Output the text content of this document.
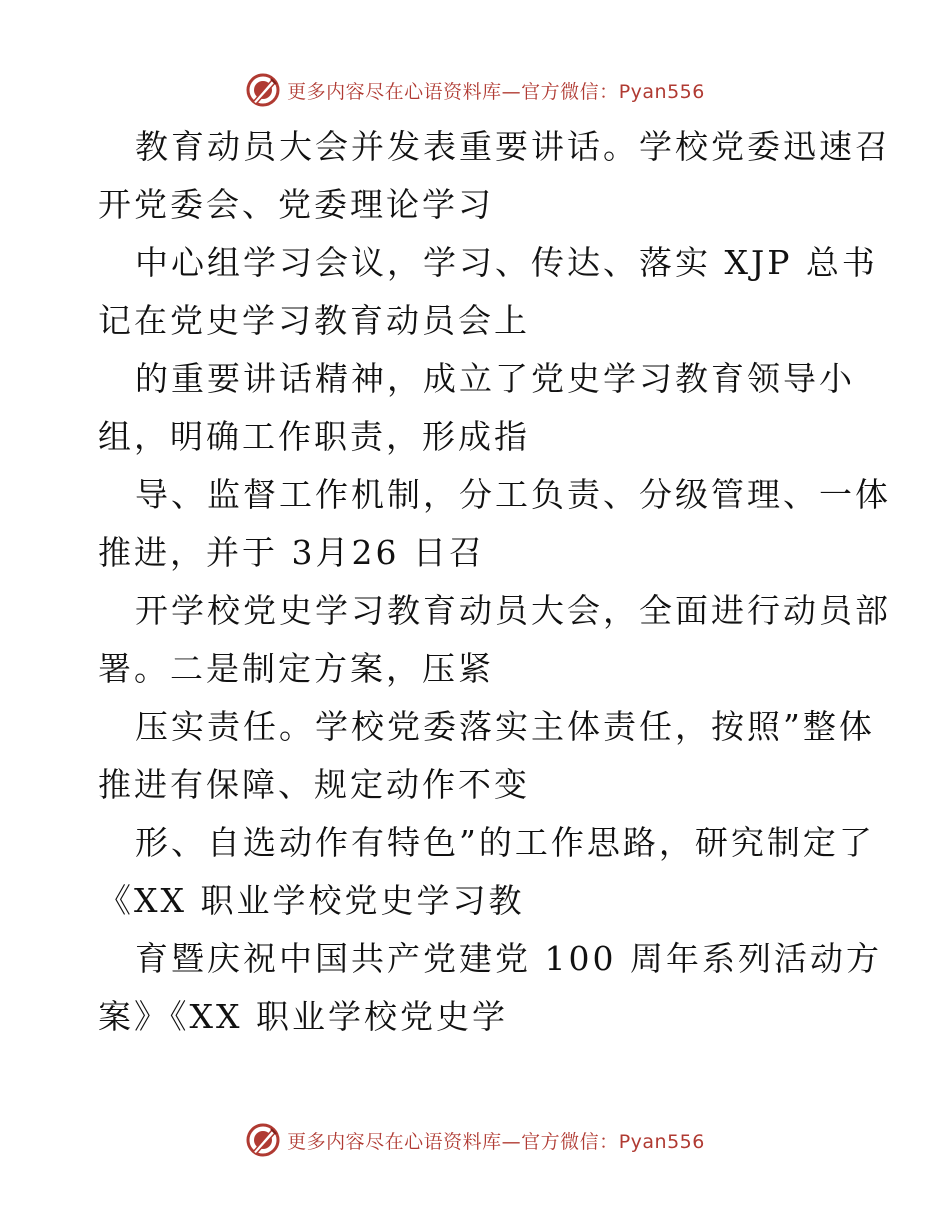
更多内容尽在心语资料库—官方微信：Pyan556
教育动员大会并发表重要讲话。学校党委迅速召
开党委会、党委理论学习
中心组学习会议，学习、传达、落实 XJP 总书
记在党史学习教育动员会上
的重要讲话精神，成立了党史学习教育领导小
组，明确工作职责，形成指
导、监督工作机制，分工负责、分级管理、一体
推进，并于 3月26 日召
开学校党史学习教育动员大会，全面进行动员部
署。二是制定方案，压紧
压实责任。学校党委落实主体责任，按照”整体
推进有保障、规定动作不变
形、自选动作有特色”的工作思路，研究制定了
《XX 职业学校党史学习教
育暨庆祝中国共产党建党 100 周年系列活动方
案》《XX 职业学校党史学
更多内容尽在心语资料库—官方微信：Pyan556
